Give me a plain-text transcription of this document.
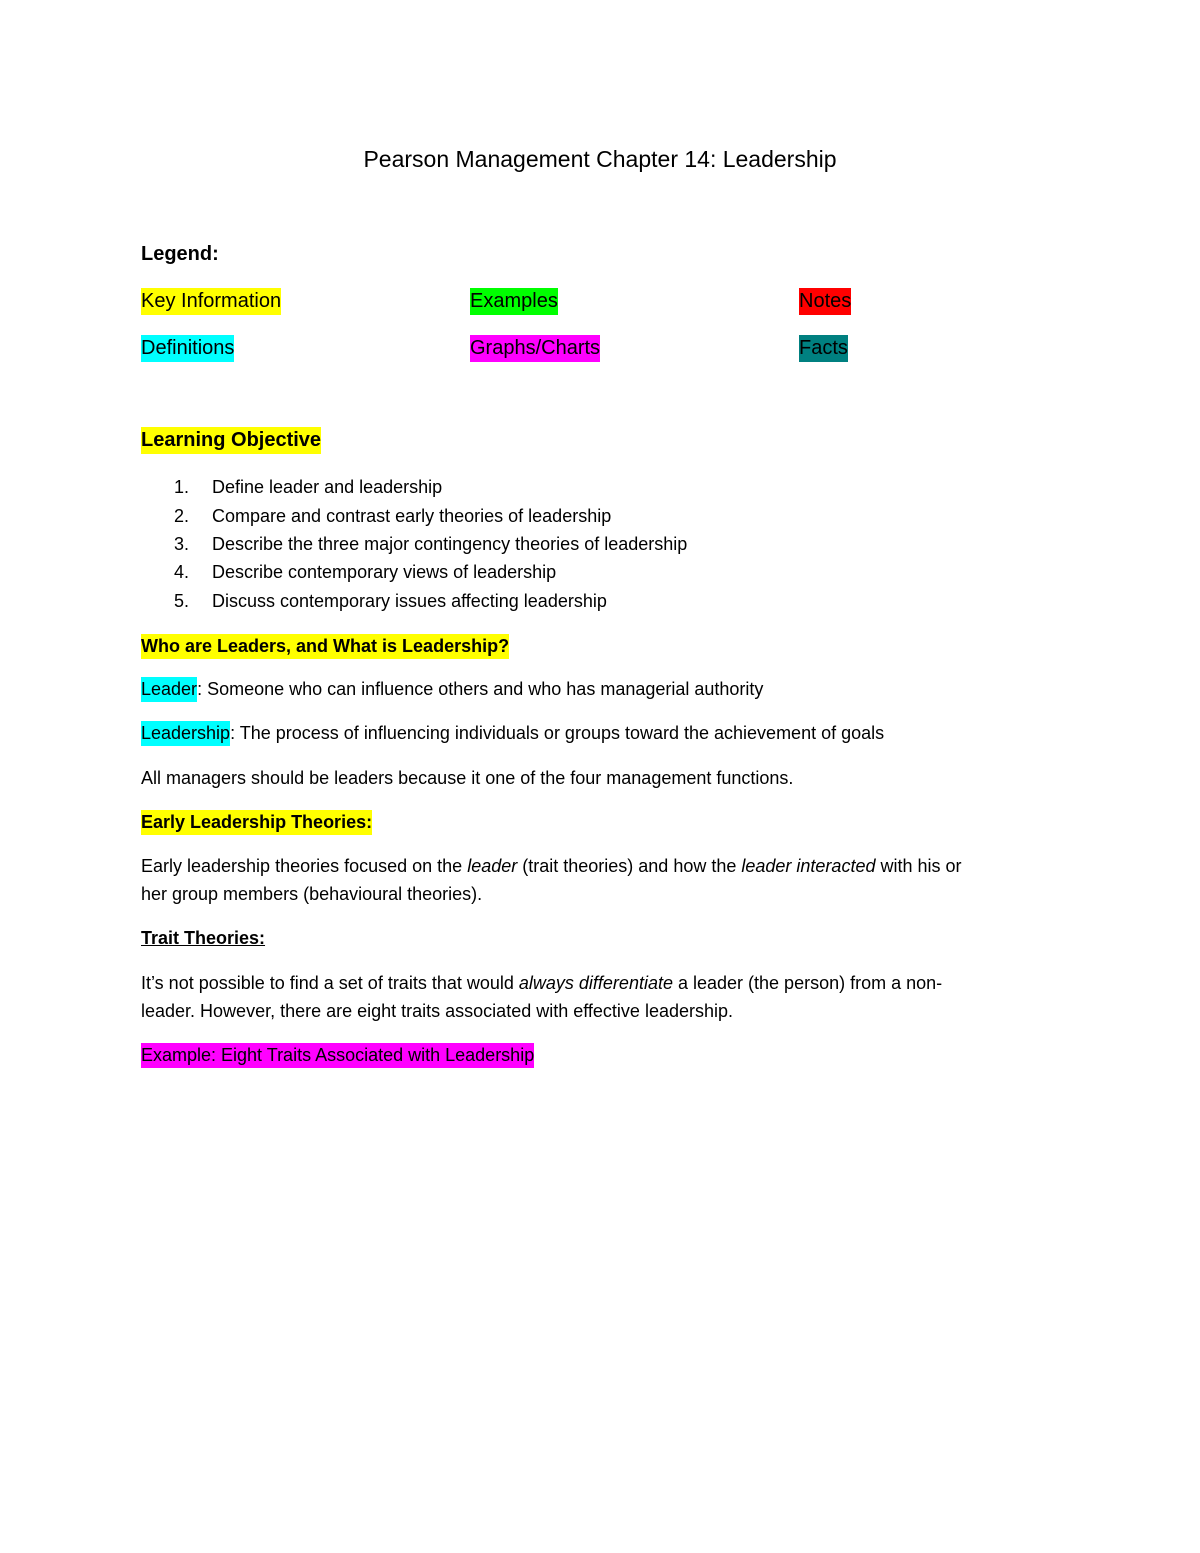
Pearson Management Chapter 14: Leadership
Legend:
Key Information	Examples	Notes
Definitions	Graphs/Charts	Facts
Learning Objective
1. Define leader and leadership
2. Compare and contrast early theories of leadership
3. Describe the three major contingency theories of leadership
4. Describe contemporary views of leadership
5. Discuss contemporary issues affecting leadership
Who are Leaders, and What is Leadership?
Leader: Someone who can influence others and who has managerial authority
Leadership: The process of influencing individuals or groups toward the achievement of goals
All managers should be leaders because it one of the four management functions.
Early Leadership Theories:
Early leadership theories focused on the leader (trait theories) and how the leader interacted with his or
her group members (behavioural theories).
Trait Theories:
It’s not possible to find a set of traits that would always differentiate a leader (the person) from a non-
leader. However, there are eight traits associated with effective leadership.
Example: Eight Traits Associated with Leadership
